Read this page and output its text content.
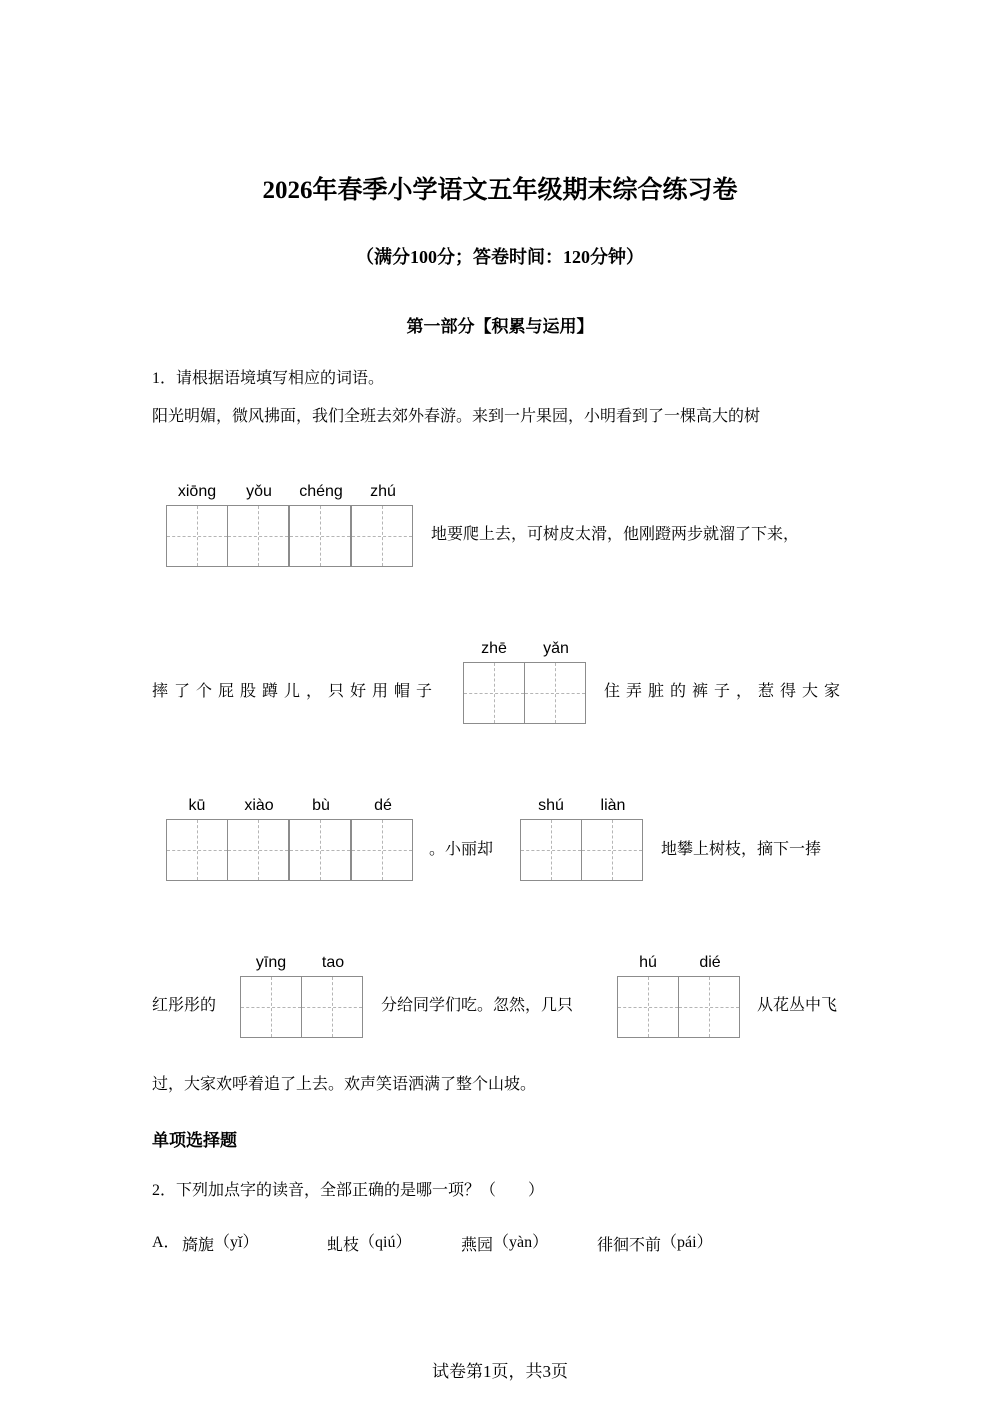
2026年春季小学语文五年级期末综合练习卷
（满分100分；答卷时间：120分钟）
第一部分【积累与运用】
1．请根据语境填写相应的词语。
阳光明媚，微风拂面，我们全班去郊外春游。来到一片果园，小明看到了一棵高大的树
xiōng	yǒu	chéng	zhú
地要爬上去，可树皮太滑，他刚蹬两步就溜了下来，
摔了个屁股蹲儿，只好用帽子
zhē	yǎn
住弄脏的裤子，惹得大家
kū	xiào	bù	dé
。小丽却
shú	liàn
地攀上树枝，摘下一捧
红彤彤的
yīng	tao
分给同学们吃。忽然，几只
hú	dié
从花丛中飞
过，大家欢呼着追了上去。欢声笑语洒满了整个山坡。
单项选择题
2．下列加点字的读音，全部正确的是哪一项？（　　）
A． 旖旎（yǐ）	虬枝（qiú）	燕园（yàn）	徘徊不前（pái）
试卷第1页，共3页
